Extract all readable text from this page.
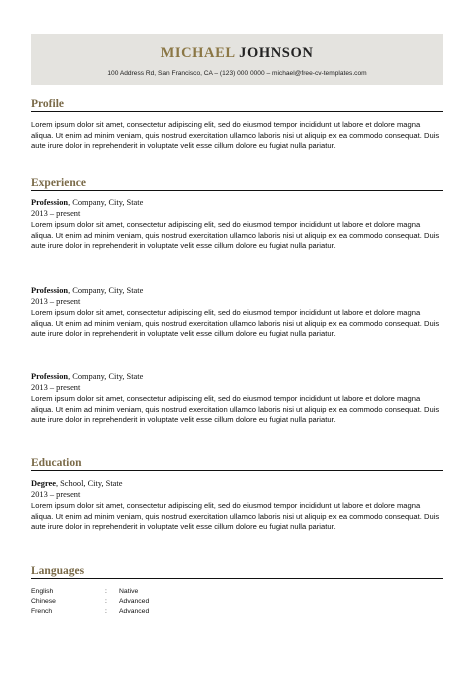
MICHAEL JOHNSON
100 Address Rd, San Francisco, CA – (123) 000 0000 – michael@free-cv-templates.com
Profile
Lorem ipsum dolor sit amet, consectetur adipiscing elit, sed do eiusmod tempor incididunt ut labore et dolore magna aliqua. Ut enim ad minim veniam, quis nostrud exercitation ullamco laboris nisi ut aliquip ex ea commodo consequat. Duis aute irure dolor in reprehenderit in voluptate velit esse cillum dolore eu fugiat nulla pariatur.
Experience
Profession, Company, City, State
2013 – present
Lorem ipsum dolor sit amet, consectetur adipiscing elit, sed do eiusmod tempor incididunt ut labore et dolore magna aliqua. Ut enim ad minim veniam, quis nostrud exercitation ullamco laboris nisi ut aliquip ex ea commodo consequat. Duis aute irure dolor in reprehenderit in voluptate velit esse cillum dolore eu fugiat nulla pariatur.
Profession, Company, City, State
2013 – present
Lorem ipsum dolor sit amet, consectetur adipiscing elit, sed do eiusmod tempor incididunt ut labore et dolore magna aliqua. Ut enim ad minim veniam, quis nostrud exercitation ullamco laboris nisi ut aliquip ex ea commodo consequat. Duis aute irure dolor in reprehenderit in voluptate velit esse cillum dolore eu fugiat nulla pariatur.
Profession, Company, City, State
2013 – present
Lorem ipsum dolor sit amet, consectetur adipiscing elit, sed do eiusmod tempor incididunt ut labore et dolore magna aliqua. Ut enim ad minim veniam, quis nostrud exercitation ullamco laboris nisi ut aliquip ex ea commodo consequat. Duis aute irure dolor in reprehenderit in voluptate velit esse cillum dolore eu fugiat nulla pariatur.
Education
Degree, School, City, State
2013 – present
Lorem ipsum dolor sit amet, consectetur adipiscing elit, sed do eiusmod tempor incididunt ut labore et dolore magna aliqua. Ut enim ad minim veniam, quis nostrud exercitation ullamco laboris nisi ut aliquip ex ea commodo consequat. Duis aute irure dolor in reprehenderit in voluptate velit esse cillum dolore eu fugiat nulla pariatur.
Languages
English	:	Native
Chinese	:	Advanced
French	:	Advanced
